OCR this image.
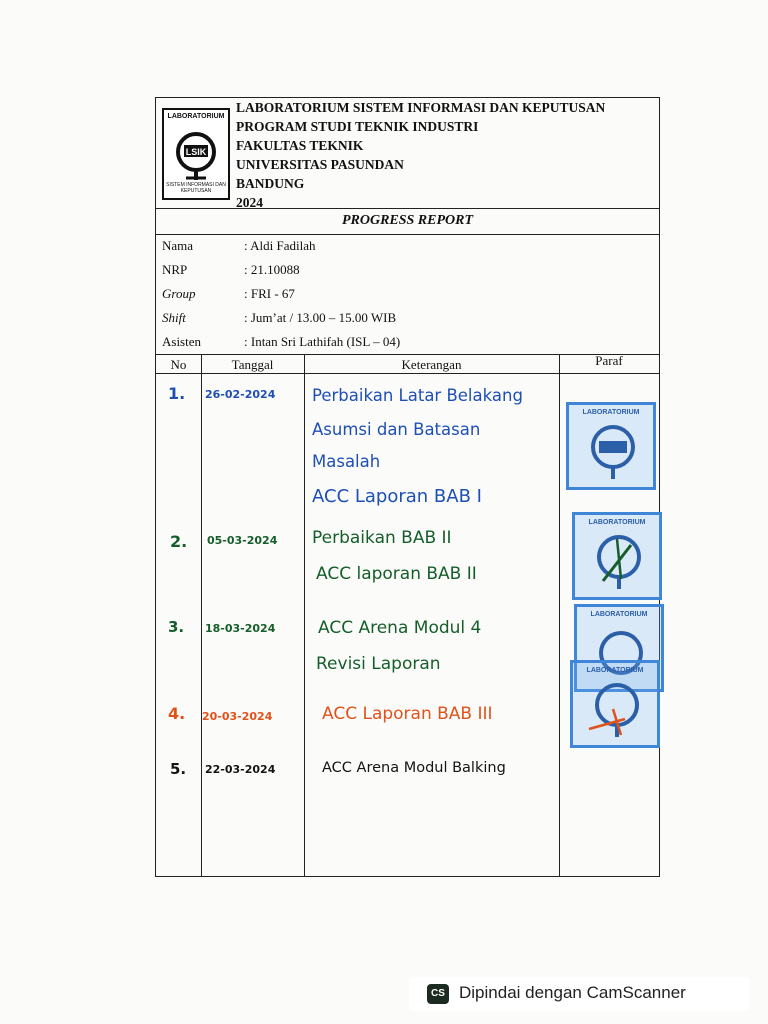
LABORATORIUM
LSIK
SISTEM INFORMASI DAN KEPUTUSAN
LABORATORIUM SISTEM INFORMASI DAN KEPUTUSAN
PROGRAM STUDI TEKNIK INDUSTRI
FAKULTAS TEKNIK
UNIVERSITAS PASUNDAN
BANDUNG
2024
PROGRESS REPORT
Nama	: Aldi Fadilah
NRP	: 21.10088
Group	: FRI - 67
Shift	: Jum’at / 13.00 – 15.00 WIB
Asisten	: Intan Sri Lathifah (ISL – 04)
No	Tanggal	Keterangan	Paraf
1. 26-02-2024 Perbaikan Latar Belakang
Asumsi dan Batasan
Masalah
ACC Laporan BAB I
2. 05-03-2024 Perbaikan BAB II
ACC laporan BAB II
3. 18-03-2024	ACC Arena Modul 4
Revisi Laporan
4. 20-03-2024	ACC Laporan BAB III
5. 22-03-2024	ACC Arena Modul Balking
LABORATORIUM
LABORATORIUM
LABORATORIUM
LABORATORIUM
CS Dipindai dengan CamScanner
